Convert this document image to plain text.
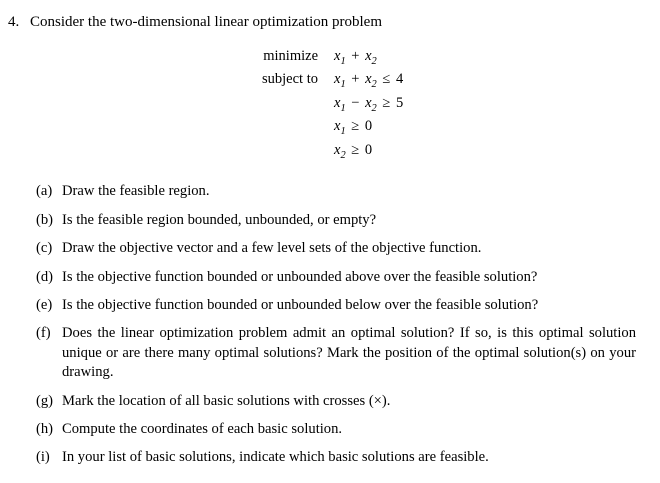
4. Consider the two-dimensional linear optimization problem
minimize	$x_1 + x_2$
subject to	$x_1 + x_2 \le 4$
$x_1 - x_2 \ge 5$
$x_1 \ge 0$
$x_2 \ge 0$
(a) Draw the feasible region.
(b) Is the feasible region bounded, unbounded, or empty?
(c) Draw the objective vector and a few level sets of the objective function.
(d) Is the objective function bounded or unbounded above over the feasible solution?
(e) Is the objective function bounded or unbounded below over the feasible solution?
(f) Does the linear optimization problem admit an optimal solution? If so, is this optimal solution unique or are there many optimal solutions? Mark the position of the optimal solution(s) on your drawing.
(g) Mark the location of all basic solutions with crosses (×).
(h) Compute the coordinates of each basic solution.
(i) In your list of basic solutions, indicate which basic solutions are feasible.
